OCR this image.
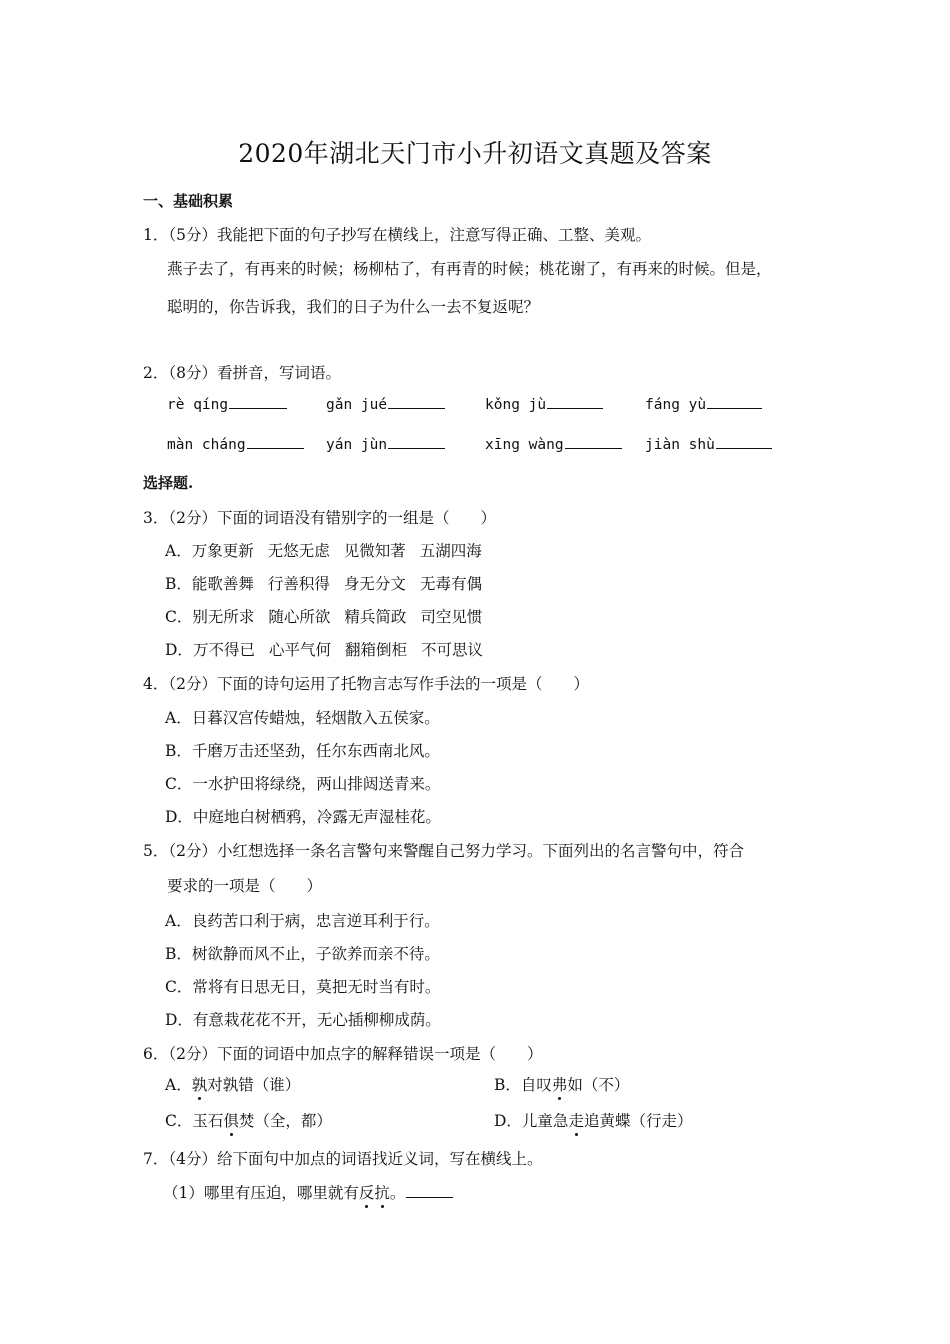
2020年湖北天门市小升初语文真题及答案
一、基础积累
1．（5分）我能把下面的句子抄写在横线上，注意写得正确、工整、美观。
燕子去了，有再来的时候；杨柳枯了，有再青的时候；桃花谢了，有再来的时候。但是，
聪明的，你告诉我，我们的日子为什么一去不复返呢？
2．（8分）看拼音，写词语。
rè qíng	gǎn jué	kǒng jù	fáng yù
màn cháng	yán jùn	xīng wàng	jiàn shù
选择题.
3．（2分）下面的词语没有错别字的一组是（　　）
A．万象更新 无悠无虑 见微知著 五湖四海
B．能歌善舞 行善积得 身无分文 无毒有偶
C．别无所求 随心所欲 精兵简政 司空见惯
D．万不得已 心平气何 翻箱倒柜 不可思议
4．（2分）下面的诗句运用了托物言志写作手法的一项是（　　）
A．日暮汉宫传蜡烛，轻烟散入五侯家。
B．千磨万击还坚劲，任尔东西南北风。
C．一水护田将绿绕，两山排闼送青来。
D．中庭地白树栖鸦，冷露无声湿桂花。
5．（2分）小红想选择一条名言警句来警醒自己努力学习。下面列出的名言警句中，符合
要求的一项是（　　）
A．良药苦口利于病，忠言逆耳利于行。
B．树欲静而风不止，子欲养而亲不待。
C．常将有日思无日，莫把无时当有时。
D．有意栽花花不开，无心插柳柳成荫。
6．（2分）下面的词语中加点字的解释错误一项是（　　）
A．孰对孰错（谁）	B．自叹弗如（不）
C．玉石俱焚（全，都）	D．儿童急走追黄蝶（行走）
7．（4分）给下面句中加点的词语找近义词，写在横线上。
（1）哪里有压迫，哪里就有反抗。
